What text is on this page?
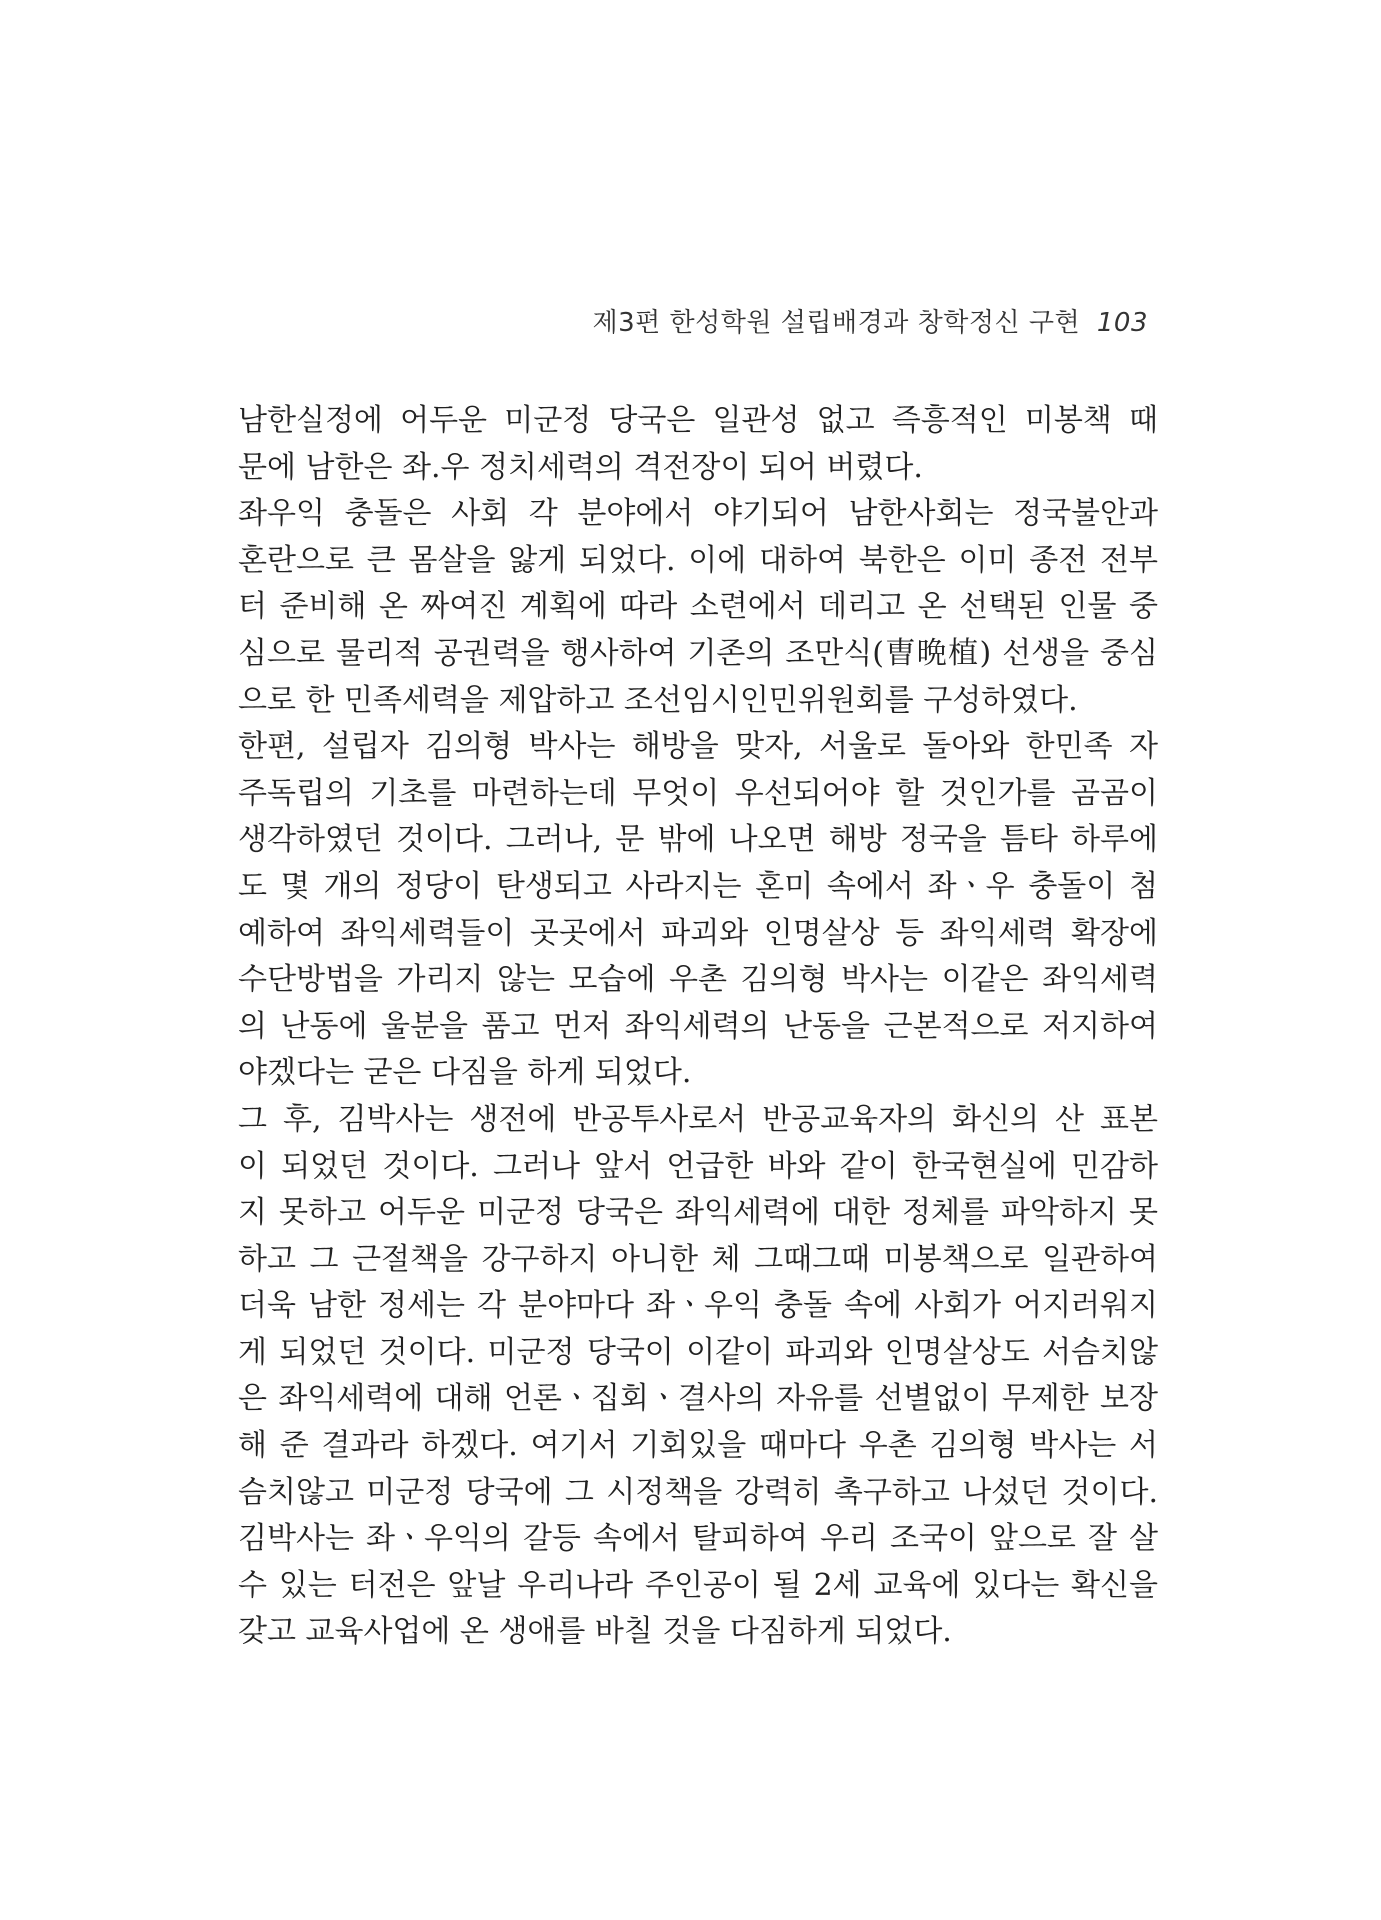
제3편 한성학원 설립배경과 창학정신 구현 103
남한실정에 어두운 미군정 당국은 일관성 없고 즉흥적인 미봉책 때
문에 남한은 좌.우 정치세력의 격전장이 되어 버렸다.
좌우익 충돌은 사회 각 분야에서 야기되어 남한사회는 정국불안과
혼란으로 큰 몸살을 앓게 되었다. 이에 대하여 북한은 이미 종전 전부
터 준비해 온 짜여진 계획에 따라 소련에서 데리고 온 선택된 인물 중
심으로 물리적 공권력을 행사하여 기존의 조만식(曺晩植) 선생을 중심
으로 한 민족세력을 제압하고 조선임시인민위원회를 구성하였다.
한편, 설립자 김의형 박사는 해방을 맞자, 서울로 돌아와 한민족 자
주독립의 기초를 마련하는데 무엇이 우선되어야 할 것인가를 곰곰이
생각하였던 것이다. 그러나, 문 밖에 나오면 해방 정국을 틈타 하루에
도 몇 개의 정당이 탄생되고 사라지는 혼미 속에서 좌ㆍ우 충돌이 첨
예하여 좌익세력들이 곳곳에서 파괴와 인명살상 등 좌익세력 확장에
수단방법을 가리지 않는 모습에 우촌 김의형 박사는 이같은 좌익세력
의 난동에 울분을 품고 먼저 좌익세력의 난동을 근본적으로 저지하여
야겠다는 굳은 다짐을 하게 되었다.
그 후, 김박사는 생전에 반공투사로서 반공교육자의 화신의 산 표본
이 되었던 것이다. 그러나 앞서 언급한 바와 같이 한국현실에 민감하
지 못하고 어두운 미군정 당국은 좌익세력에 대한 정체를 파악하지 못
하고 그 근절책을 강구하지 아니한 체 그때그때 미봉책으로 일관하여
더욱 남한 정세는 각 분야마다 좌ㆍ우익 충돌 속에 사회가 어지러워지
게 되었던 것이다. 미군정 당국이 이같이 파괴와 인명살상도 서슴치않
은 좌익세력에 대해 언론ㆍ집회ㆍ결사의 자유를 선별없이 무제한 보장
해 준 결과라 하겠다. 여기서 기회있을 때마다 우촌 김의형 박사는 서
슴치않고 미군정 당국에 그 시정책을 강력히 촉구하고 나섰던 것이다.
김박사는 좌ㆍ우익의 갈등 속에서 탈피하여 우리 조국이 앞으로 잘 살
수 있는 터전은 앞날 우리나라 주인공이 될 2세 교육에 있다는 확신을
갖고 교육사업에 온 생애를 바칠 것을 다짐하게 되었다.
